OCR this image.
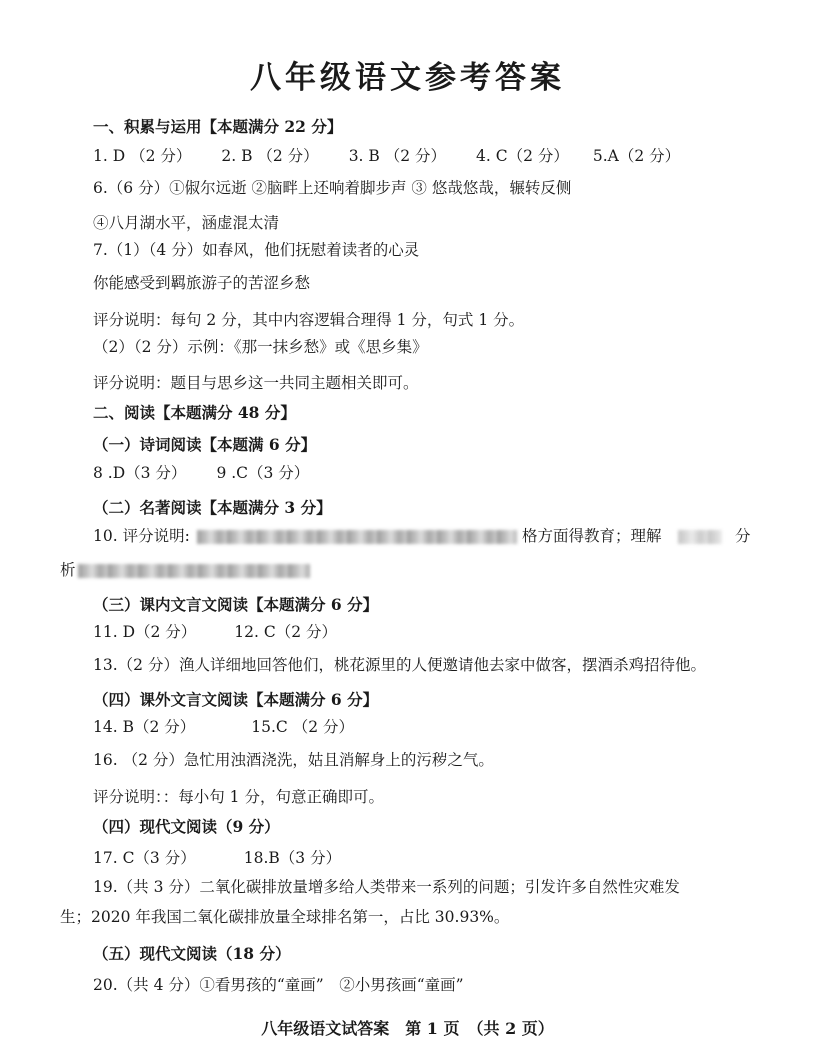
八年级语文参考答案
一、积累与运用【本题满分 22 分】
1. D （2 分） 2. B （2 分） 3. B （2 分） 4. C（2 分） 5.A（2 分）
6.（6 分）①俶尔远逝 ②脑畔上还响着脚步声 ③ 悠哉悠哉，辗转反侧
④八月湖水平，涵虚混太清
7.（1）（4 分）如春风，他们抚慰着读者的心灵
你能感受到羁旅游子的苦涩乡愁
评分说明：每句 2 分，其中内容逻辑合理得 1 分，句式 1 分。
（2）（2 分）示例：《那一抹乡愁》或《思乡集》
评分说明：题目与思乡这一共同主题相关即可。
二、阅读【本题满分 48 分】
（一）诗词阅读【本题满 6 分】
8 .D（3 分） 9 .C（3 分）
（二）名著阅读【本题满分 3 分】
10. 评分说明:	格方面得教育；理解	分
析
（三）课内文言文阅读【本题满分 6 分】
11. D（2 分） 12. C（2 分）
13.（2 分）渔人详细地回答他们，桃花源里的人便邀请他去家中做客，摆酒杀鸡招待他。
（四）课外文言文阅读【本题满分 6 分】
14. B（2 分）	15.C （2 分）
16. （2 分）急忙用浊酒浇洗，姑且消解身上的污秽之气。
评分说明：：每小句 1 分，句意正确即可。
（四）现代文阅读（9 分）
17. C（3 分）	18.B（3 分）
19.（共 3 分）二氧化碳排放量增多给人类带来一系列的问题；引发许多自然性灾难发
生；2020 年我国二氧化碳排放量全球排名第一，占比 30.93%。
（五）现代文阅读（18 分）
20.（共 4 分）①看男孩的“童画”　②小男孩画“童画”
八年级语文试答案　第 1 页　（共 2 页）
